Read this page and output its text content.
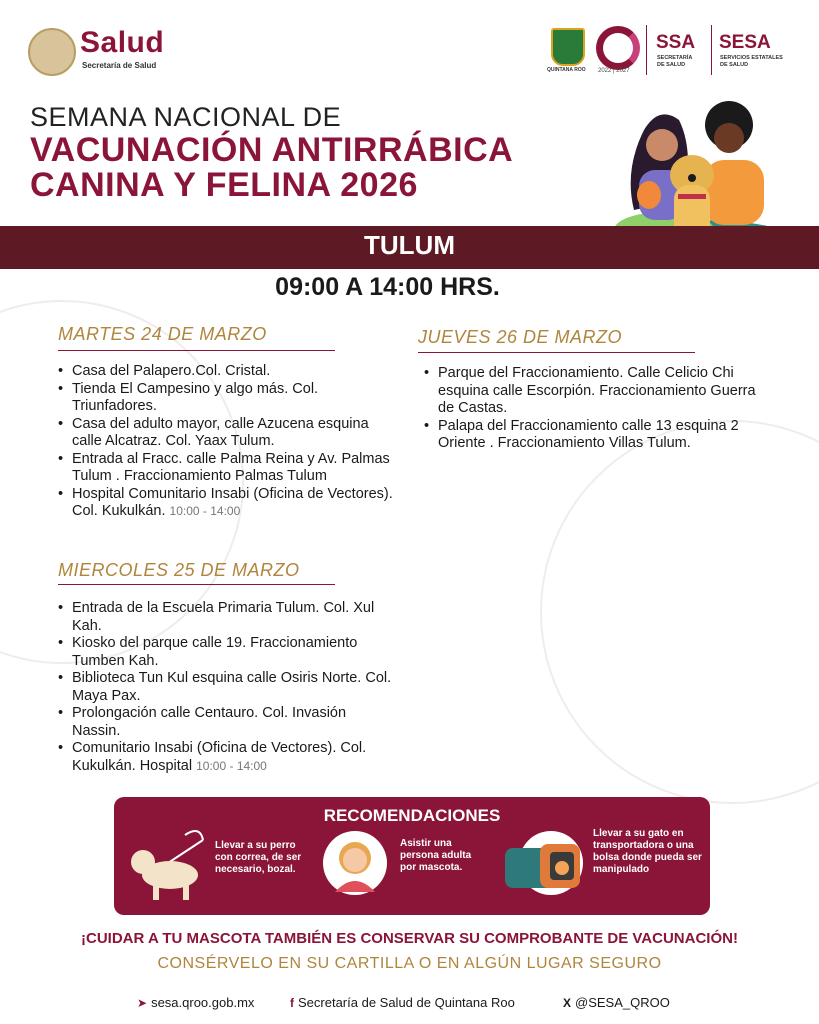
Salud
Secretaría de Salud	QUINTANA ROO 2022 | 2027
SSA
SECRETARÍA
DE SALUD
SESA
SERVICIOS ESTATALES
DE SALUD
SEMANA NACIONAL DE
VACUNACIÓN ANTIRRÁBICA
CANINA Y FELINA 2026
TULUM
09:00 A 14:00 HRS.
MARTES 24 DE MARZO
• Casa del Palapero.Col. Cristal.
• Tienda El Campesino y algo más. Col. Triunfadores.
• Casa del adulto mayor, calle Azucena esquina calle Alcatraz. Col. Yaax Tulum.
• Entrada al Fracc. calle Palma Reina y Av. Palmas Tulum . Fraccionamiento Palmas Tulum
• Hospital Comunitario Insabi (Oficina de Vectores). Col. Kukulkán. 10:00 - 14:00
MIERCOLES 25 DE MARZO
• Entrada de la Escuela Primaria Tulum. Col. Xul Kah.
• Kiosko del parque calle 19. Fraccionamiento Tumben Kah.
• Biblioteca Tun Kul esquina calle Osiris Norte. Col. Maya Pax.
• Prolongación calle Centauro. Col. Invasión Nassin.
• Comunitario Insabi (Oficina de Vectores). Col. Kukulkán. Hospital 10:00 - 14:00
JUEVES 26 DE MARZO
• Parque del Fraccionamiento. Calle Celicio Chi esquina calle Escorpión. Fraccionamiento Guerra de Castas.
• Palapa del Fraccionamiento calle 13 esquina 2 Oriente . Fraccionamiento Villas Tulum.
RECOMENDACIONES
Llevar a su perro con correa, de ser necesario, bozal.
Asistir una persona adulta por mascota.
Llevar a su gato en transportadora o una bolsa donde pueda ser manipulado
¡CUIDAR A TU MASCOTA TAMBIÉN ES CONSERVAR SU COMPROBANTE DE VACUNACIÓN!
CONSÉRVELO EN SU CARTILLA O EN ALGÚN LUGAR SEGURO
➤ sesa.qroo.gob.mx	f Secretaría de Salud de Quintana Roo	X @SESA_QROO
